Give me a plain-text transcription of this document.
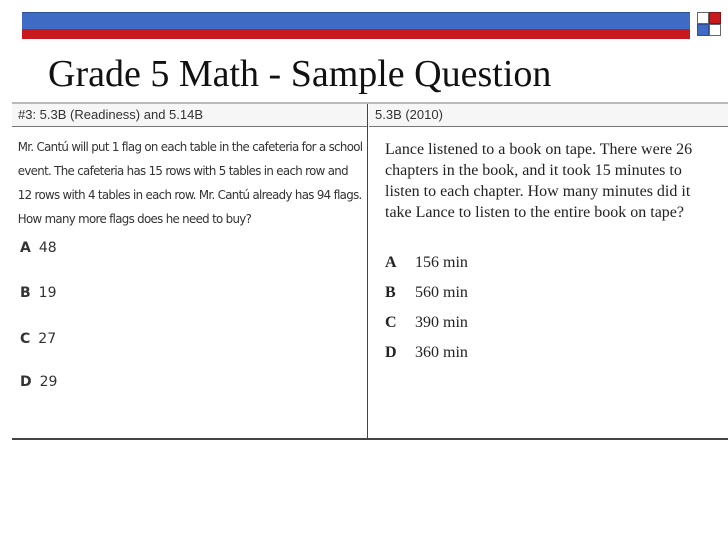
Grade 5 Math - Sample Question
#3: 5.3B (Readiness) and 5.14B
Mr. Cantú will put 1 flag on each table in the cafeteria for a school event. The cafeteria has 15 rows with 5 tables in each row and 12 rows with 4 tables in each row. Mr. Cantú already has 94 flags. How many more flags does he need to buy?
A 48
B 19
C 27
D 29
5.3B (2010)
Lance listened to a book on tape. There were 26 chapters in the book, and it took 15 minutes to listen to each chapter. How many minutes did it take Lance to listen to the entire book on tape?
A 156 min
B 560 min
C 390 min
D 360 min
